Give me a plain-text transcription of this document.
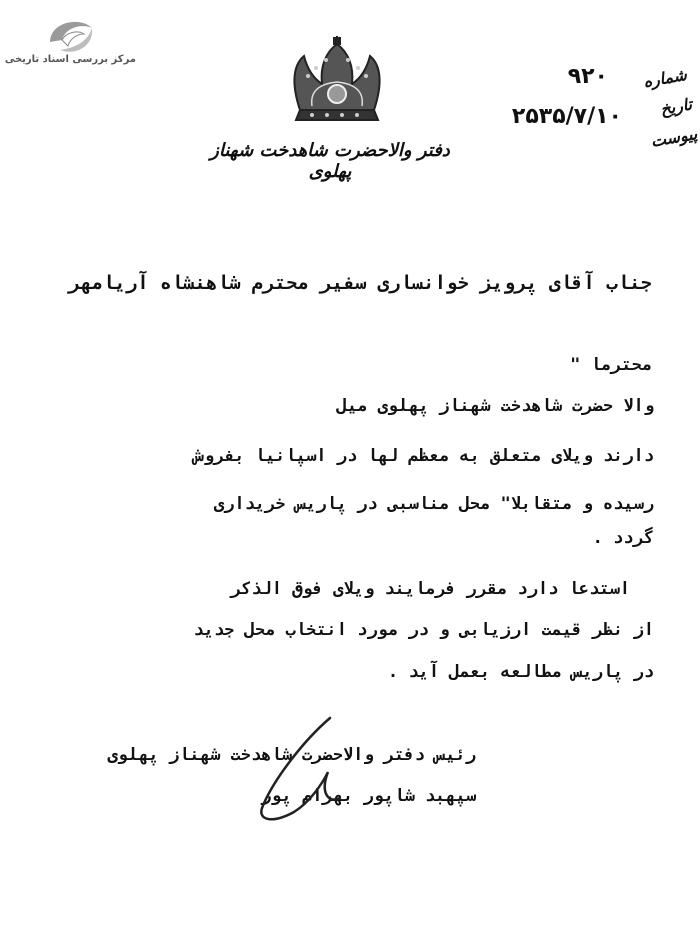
مرکز بررسی اسناد تاریخی
دفتر والاحضرت شاهدخت شهناز پهلوی
شماره
تاریخ
پیوست
۹۲۰
۲۵۳۵/۷/۱۰
جناب آقای پرویز خوانساری سفیر محترم شاهنشاه آریامهر
محترما "
والا حضرت شاهدخت شهناز پهلوی میل
دارند ویلای متعلق به معظم لها در اسپانیا بفروش
رسیده و متقابلا" محل مناسبی در پاریس خریداری
گردد .
استدعا دارد مقرر فرمایند ویلای فوق الذکر
از نظر قیمت ارزیابی و در مورد انتخاب محل جدید
در پاریس مطالعه بعمل آید .
رئیس دفتر والاحضرت شاهدخت شهناز پهلوی
سپهبد شاپور بهرام پور
